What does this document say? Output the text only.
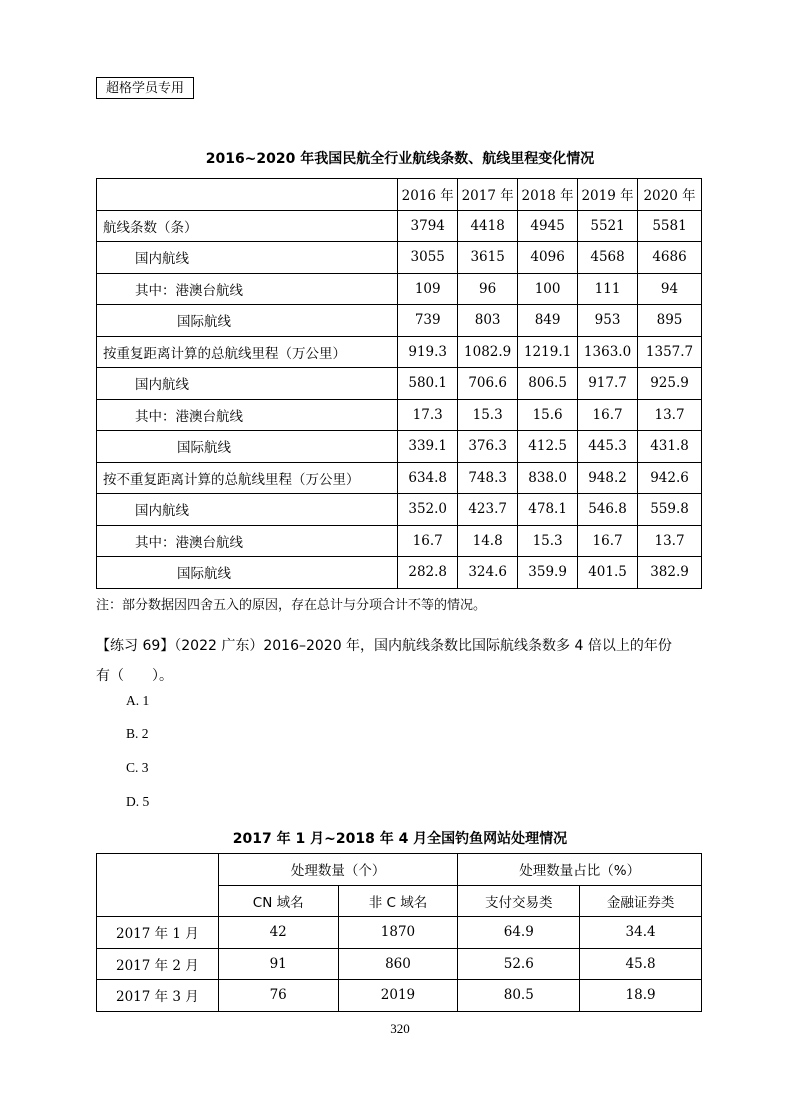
超格学员专用
2016~2020 年我国民航全行业航线条数、航线里程变化情况
	2016 年	2017 年	2018 年	2019 年	2020 年
航线条数（条）	3794	4418	4945	5521	5581
国内航线	3055	3615	4096	4568	4686
其中：港澳台航线	109	96	100	111	94
国际航线	739	803	849	953	895
按重复距离计算的总航线里程（万公里）	919.3	1082.9	1219.1	1363.0	1357.7
国内航线	580.1	706.6	806.5	917.7	925.9
其中：港澳台航线	17.3	15.3	15.6	16.7	13.7
国际航线	339.1	376.3	412.5	445.3	431.8
按不重复距离计算的总航线里程（万公里）	634.8	748.3	838.0	948.2	942.6
国内航线	352.0	423.7	478.1	546.8	559.8
其中：港澳台航线	16.7	14.8	15.3	16.7	13.7
国际航线	282.8	324.6	359.9	401.5	382.9
注：部分数据因四舍五入的原因，存在总计与分项合计不等的情况。
【练习 69】（2022 广东）2016–2020 年，国内航线条数比国际航线条数多 4 倍以上的年份
有（　　）。
A. 1
B. 2
C. 3
D. 5
2017 年 1 月~2018 年 4 月全国钓鱼网站处理情况
	处理数量（个）		处理数量占比（%）	
	CN 域名	非 C 域名	支付交易类	金融证券类
2017 年 1 月	42	1870	64.9	34.4
2017 年 2 月	91	860	52.6	45.8
2017 年 3 月	76	2019	80.5	18.9
320
